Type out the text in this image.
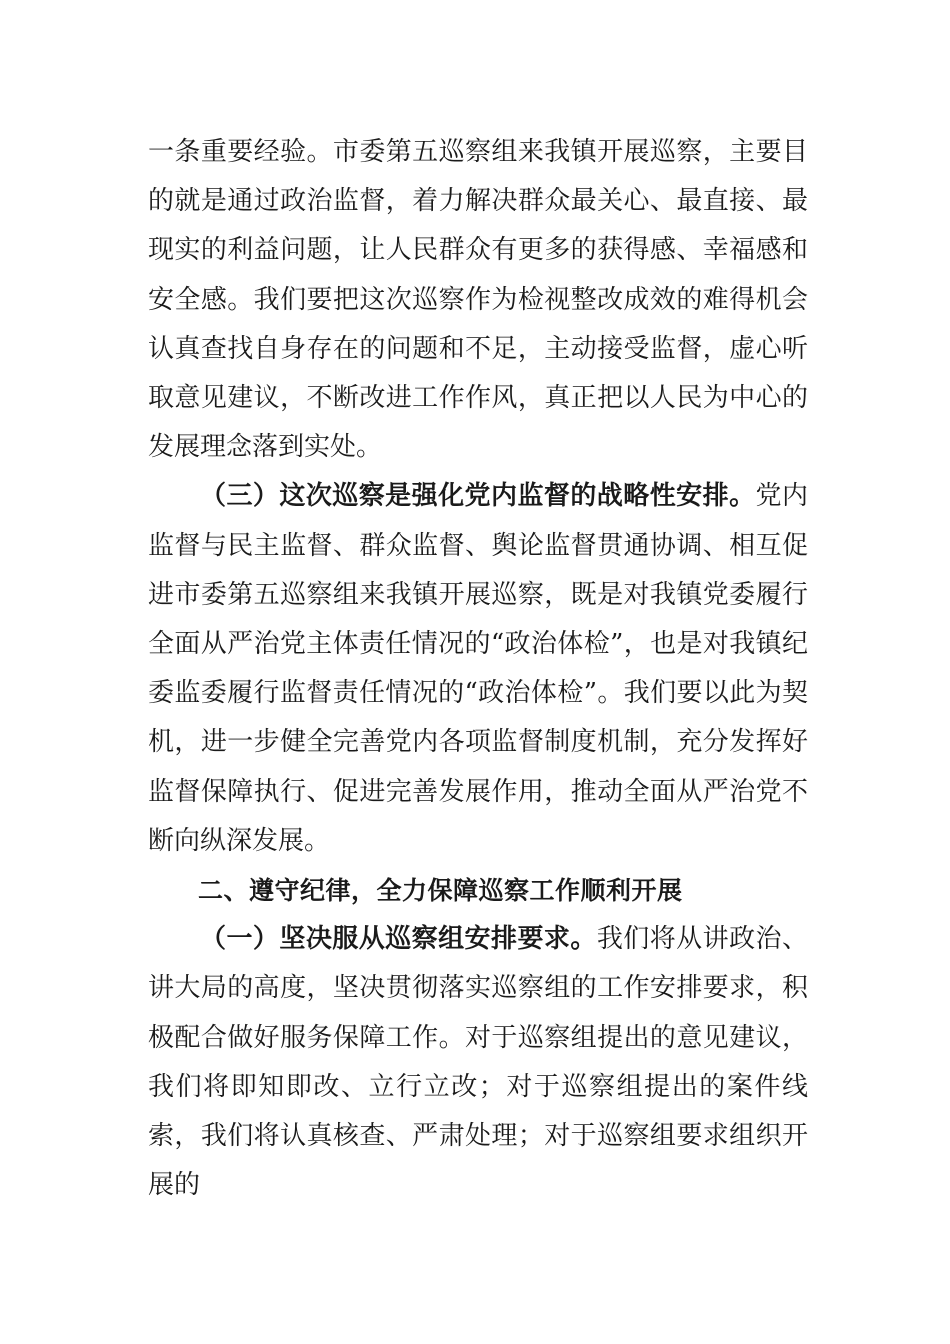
一条重要经验。市委第五巡察组来我镇开展巡察，主要目的就是通过政治监督，着力解决群众最关心、最直接、最现实的利益问题，让人民群众有更多的获得感、幸福感和安全感。我们要把这次巡察作为检视整改成效的难得机会认真查找自身存在的问题和不足，主动接受监督，虚心听取意见建议，不断改进工作作风，真正把以人民为中心的发展理念落到实处。

（三）这次巡察是强化党内监督的战略性安排。党内监督与民主监督、群众监督、舆论监督贯通协调、相互促进市委第五巡察组来我镇开展巡察，既是对我镇党委履行全面从严治党主体责任情况的“政治体检”，也是对我镇纪委监委履行监督责任情况的“政治体检”。我们要以此为契机，进一步健全完善党内各项监督制度机制，充分发挥好监督保障执行、促进完善发展作用，推动全面从严治党不断向纵深发展。

二、遵守纪律，全力保障巡察工作顺利开展

（一）坚决服从巡察组安排要求。我们将从讲政治、讲大局的高度，坚决贯彻落实巡察组的工作安排要求，积极配合做好服务保障工作。对于巡察组提出的意见建议，我们将即知即改、立行立改；对于巡察组提出的案件线索，我们将认真核查、严肃处理；对于巡察组要求组织开展的
